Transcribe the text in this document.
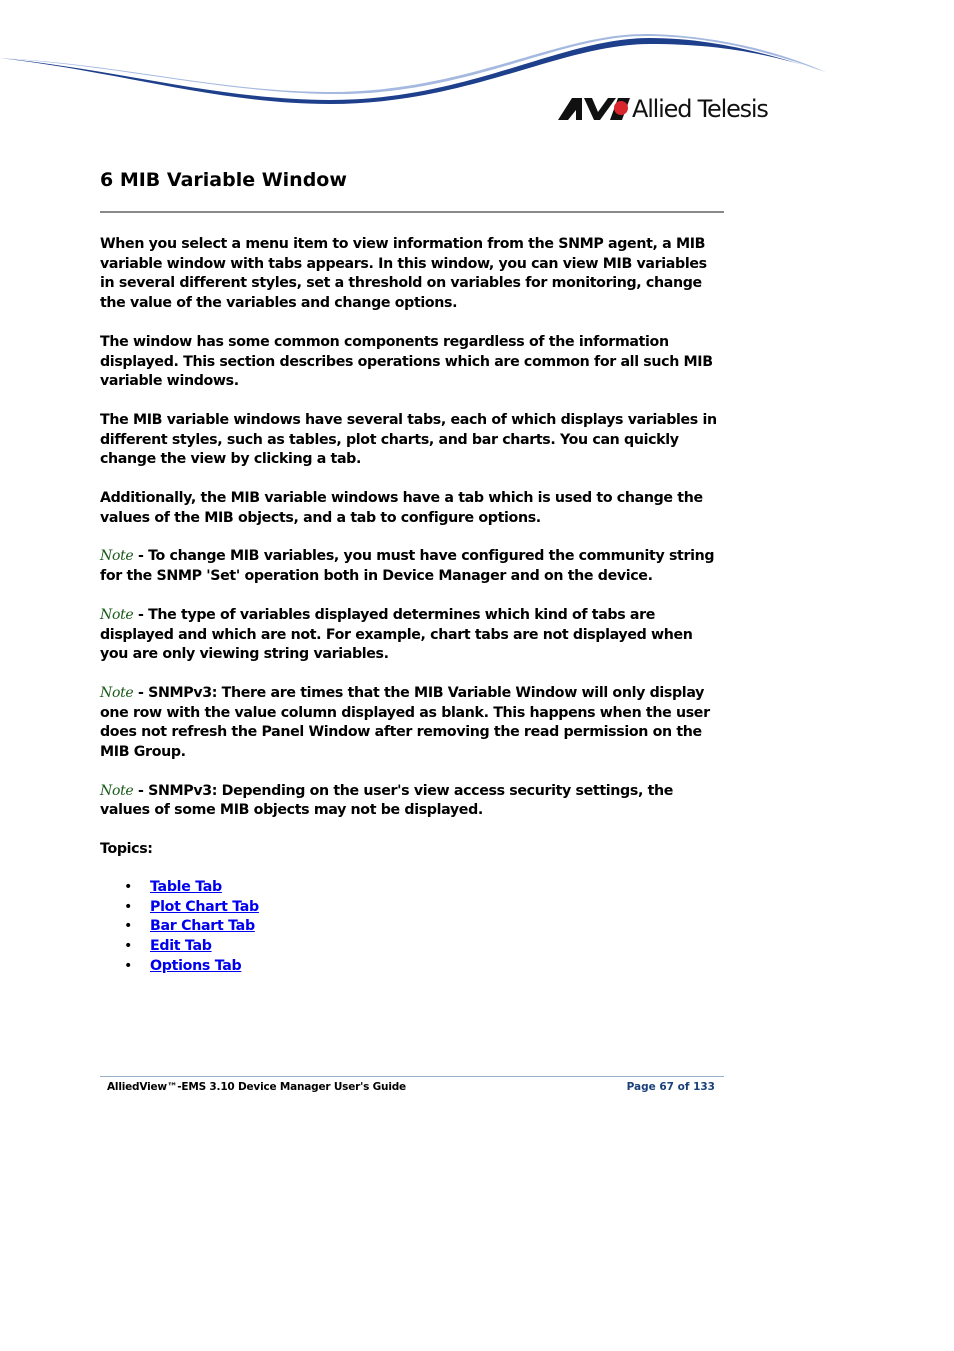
Allied Telesis
6 MIB Variable Window

When you select a menu item to view information from the SNMP agent, a MIB variable window with tabs appears. In this window, you can view MIB variables in several different styles, set a threshold on variables for monitoring, change the value of the variables and change options.

The window has some common components regardless of the information displayed. This section describes operations which are common for all such MIB variable windows.

The MIB variable windows have several tabs, each of which displays variables in different styles, such as tables, plot charts, and bar charts. You can quickly change the view by clicking a tab.

Additionally, the MIB variable windows have a tab which is used to change the values of the MIB objects, and a tab to configure options.

Note - To change MIB variables, you must have configured the community string for the SNMP 'Set' operation both in Device Manager and on the device.

Note - The type of variables displayed determines which kind of tabs are displayed and which are not. For example, chart tabs are not displayed when you are only viewing string variables.

Note - SNMPv3: There are times that the MIB Variable Window will only display one row with the value column displayed as blank. This happens when the user does not refresh the Panel Window after removing the read permission on the MIB Group.

Note - SNMPv3: Depending on the user's view access security settings, the values of some MIB objects may not be displayed.

Topics:

• Table Tab
• Plot Chart Tab
• Bar Chart Tab
• Edit Tab
• Options Tab
AlliedView™-EMS 3.10 Device Manager User's Guide	Page 67 of 133
